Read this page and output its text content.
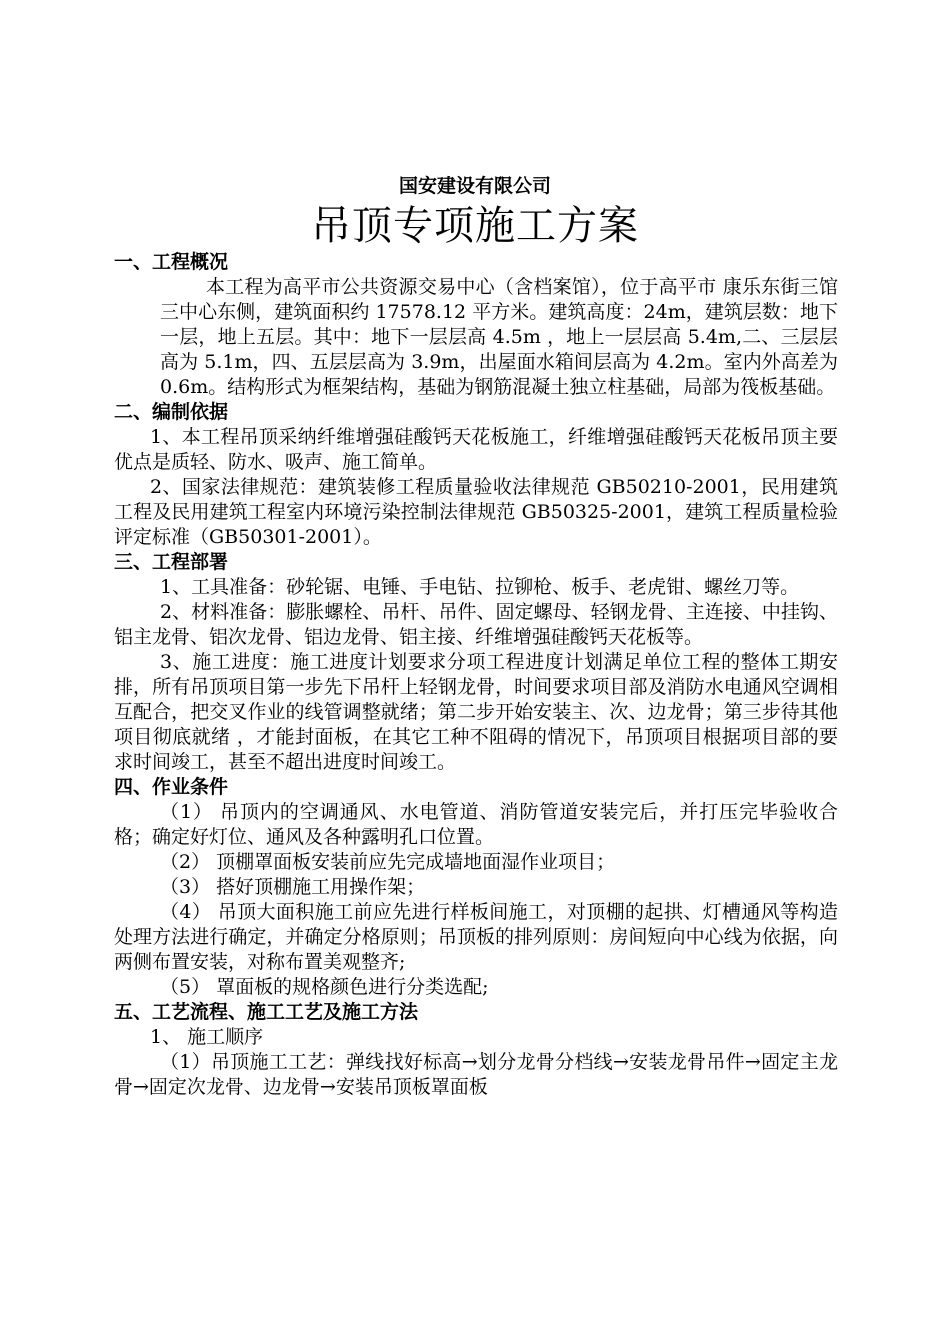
国安建设有限公司
吊顶专项施工方案
一、工程概况

本工程为高平市公共资源交易中心（含档案馆），位于高平市 康乐东街三馆三中心东侧，建筑面积约 17578.12 平方米。建筑高度：24m，建筑层数：地下一层，地上五层。其中：地下一层层高 4.5m ，地上一层层高 5.4m,二、三层层高为 5.1m，四、五层层高为 3.9m，出屋面水箱间层高为 4.2m。室内外高差为 0.6m。结构形式为框架结构，基础为钢筋混凝土独立柱基础，局部为筏板基础。

二、编制依据

1、本工程吊顶采纳纤维增强硅酸钙天花板施工，纤维增强硅酸钙天花板吊顶主要优点是质轻、防水、吸声、施工简单。

2、国家法律规范：建筑装修工程质量验收法律规范 GB50210-2001，民用建筑工程及民用建筑工程室内环境污染控制法律规范 GB50325-2001，建筑工程质量检验评定标准（GB50301-2001）。

三、工程部署

1、工具准备：砂轮锯、电锤、手电钻、拉铆枪、板手、老虎钳、螺丝刀等。

2、材料准备：膨胀螺栓、吊杆、吊件、固定螺母、轻钢龙骨、主连接、中挂钩、铝主龙骨、铝次龙骨、铝边龙骨、铝主接、纤维增强硅酸钙天花板等。

3、施工进度：施工进度计划要求分项工程进度计划满足单位工程的整体工期安排，所有吊顶项目第一步先下吊杆上轻钢龙骨，时间要求项目部及消防水电通风空调相互配合，把交叉作业的线管调整就绪；第二步开始安装主、次、边龙骨；第三步待其他项目彻底就绪 ，才能封面板，在其它工种不阻碍的情况下，吊顶项目根据项目部的要求时间竣工，甚至不超出进度时间竣工。

四、作业条件

（1） 吊顶内的空调通风、水电管道、消防管道安装完后，并打压完毕验收合格；确定好灯位、通风及各种露明孔口位置。

（2） 顶棚罩面板安装前应先完成墙地面湿作业项目；

（3） 搭好顶棚施工用操作架；

（4） 吊顶大面积施工前应先进行样板间施工，对顶棚的起拱、灯槽通风等构造处理方法进行确定，并确定分格原则；吊顶板的排列原则：房间短向中心线为依据，向两侧布置安装，对称布置美观整齐;

（5） 罩面板的规格颜色进行分类选配;

五、工艺流程、施工工艺及施工方法

1、 施工顺序

（1）吊顶施工工艺：弹线找好标高→划分龙骨分档线→安装龙骨吊件→固定主龙骨→固定次龙骨、边龙骨→安装吊顶板罩面板
